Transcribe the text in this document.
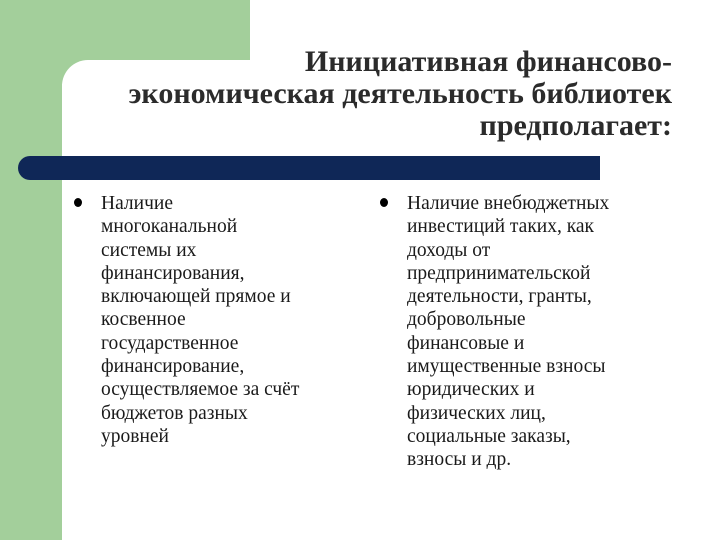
Инициативная финансово-
экономическая деятельность библиотек
предполагает:
Наличие
многоканальной
системы их
финансирования,
включающей прямое и
косвенное
государственное
финансирование,
осуществляемое за счёт
бюджетов разных
уровней
Наличие внебюджетных
инвестиций таких, как
доходы от
предпринимательской
деятельности, гранты,
добровольные
финансовые и
имущественные взносы
юридических и
физических лиц,
социальные заказы,
взносы и др.
